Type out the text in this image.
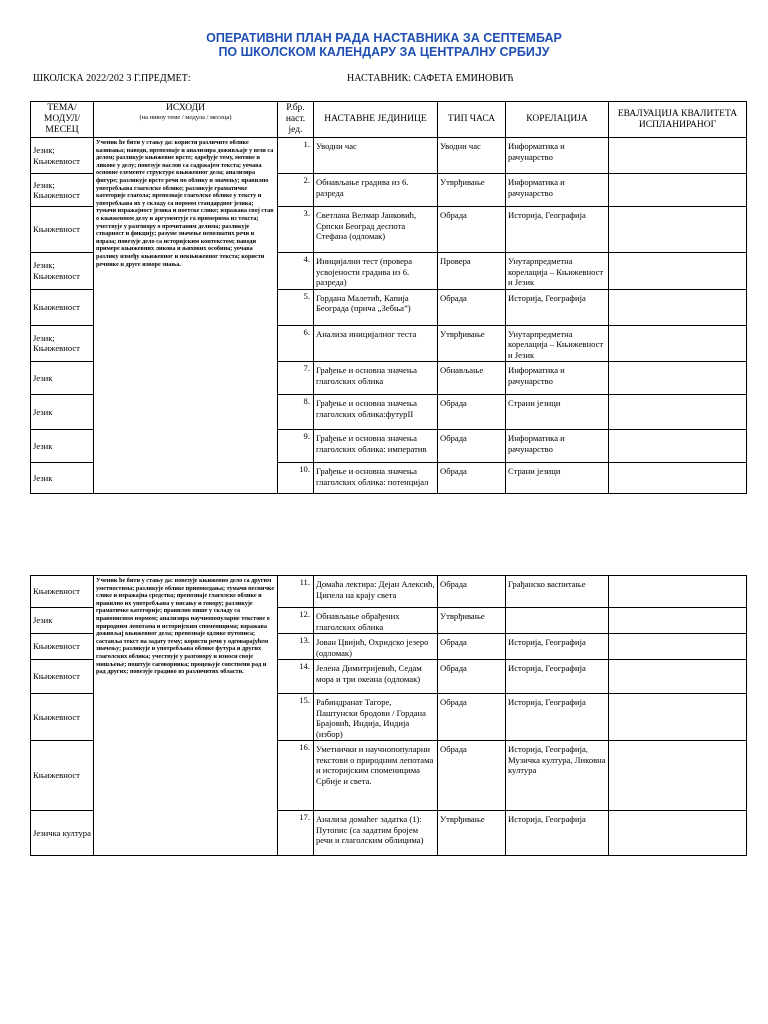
ОПЕРАТИВНИ ПЛАН РАДА НАСТАВНИКА ЗА СЕПТЕМБАР
ПО ШКОЛСКОМ КАЛЕНДАРУ ЗА ЦЕНТРАЛНУ СРБИЈУ
ШКОЛСКА 2022/202 3 Г.ПРЕДМЕТ:	НАСТАВНИК: САФЕТА ЕМИНОВИЋ
ТЕМА/ МОДУЛ/ МЕСЕЦ	ИСХОДИ
(на нивоу теме / модула / месеца)	Р.бр. наст. јед.	НАСТАВНЕ ЈЕДИНИЦЕ	ТИП ЧАСА	КОРЕЛАЦИЈА	ЕВАЛУАЦИЈА КВАЛИТЕТА ИСПЛАНИРАНОГ
Језик; Књижевност	Ученик ће бити у стању да: користи различите облике казивања; наводи, препознаје и анализира доживљаје у вези са делом; разликује књижевне врсте; одређује тему, мотиве и ликове у делу; повезује наслов са садржајем текста; уочава основне елементе структуре књижевног дела; анализира фигуре; разликује врсте речи по облику и значењу; правилно употребљава глаголске облике; разликује граматичке категорије глагола; препознаје глаголске облике у тексту и употребљава их у складу са нормом стандардног језика; тумачи изражајност језика и поетске слике; изражава свој став о књижевном делу и аргументује га примерима из текста; учествује у разговору о прочитаним делима; разликује стварност и фикцију; разуме значење непознатих речи и израза; повезује дело са историјским контекстом; наводи примере књижевних ликова и њихових особина; уочава разлику између књижевног и некњижевног текста; користи речнике и друге изворе знања.	1.	Уводни час	Уводни час	Информатика и рачунарство	
Језик; Књижевност		2.	Обнављање градива из 6. разреда	Утврђивање	Информатика и рачунарство	
Књижевност		3.	Светлана Велмар Јанковић, Српски Београд деспота Стефана (одломак)	Обрада	Историја, Географија	
Језик; Књижевност		4.	Иницијални тест (провера усвојености градива из 6. разреда)	Провера	Унутарпредметна корелација – Књижевност и Језик	
Књижевност		5.	Гордана Малетић, Капија Београда (прича „Зебња”)	Обрада	Историја, Географија	
Језик; Књижевност		6.	Анализа иницијалног теста	Утврђивање	Унутарпредметна корелација – Књижевност и Језик	
Језик		7.	Грађење и основна значења глаголских облика	Обнављање	Информатика и рачунарство	
Језик		8.	Грађење и основна значења глаголских облика:футурII	Обрада	Страни језици	
Језик		9.	Грађење и основна значења глаголских облика: императив	Обрада	Информатика и рачунарство	
Језик		10.	Грађење и основна значења глаголских облика: потенцијал	Обрада	Страни језици	
Књижевност	Ученик ће бити у стању да: повезује књижевно дело са другим уметностима; разликује облике приповедања; тумачи песничке слике и изражајна средства; препознаје глаголске облике и правилно их употребљава у писању и говору; разликује граматичке категорије; правилно пише у складу са правописном нормом; анализира научнопопуларне текстове о природним лепотама и историјским споменицима; изражава доживљај књижевног дела; препознаје одлике путописа; саставља текст на задату тему; користи речи у одговарајућем значењу; разликује и употребљава облике футура и других глаголских облика; учествује у разговору и износи своје мишљење; поштује саговорника; процењује сопствени рад и рад других; повезује градиво из различитих области.	11.	Домаћа лектира: Дејан Алексић, Ципела на крају света	Обрада	Грађанско васпитање	
Језик		12.	Обнављање обрађених глаголских облика	Утврђивање		
Књижевност		13.	Јован Цвијић, Охридско језеро (одломак)	Обрада	Историја, Географија	
Књижевност		14.	Јелена Димитријевић, Седам мора и три океана (одломак)	Обрада	Историја, Географија	
Књижевност		15.	Рабиндранат Тагоре, Паштунски бродови / Гордана Брајовић, Индија, Индија (избор)	Обрада	Историја, Географија	
Књижевност		16.	Уметнички и научнопопуларни текстови о природним лепотама и историјским споменицима Србије и света.	Обрада	Историја, Географија, Музичка култура, Ликовна култура	
Језичка култура		17.	Анализа домаћег задатка (1): Путопис (са задатим бројем речи и глаголским облицима)	Утврђивање	Историја, Географија	
